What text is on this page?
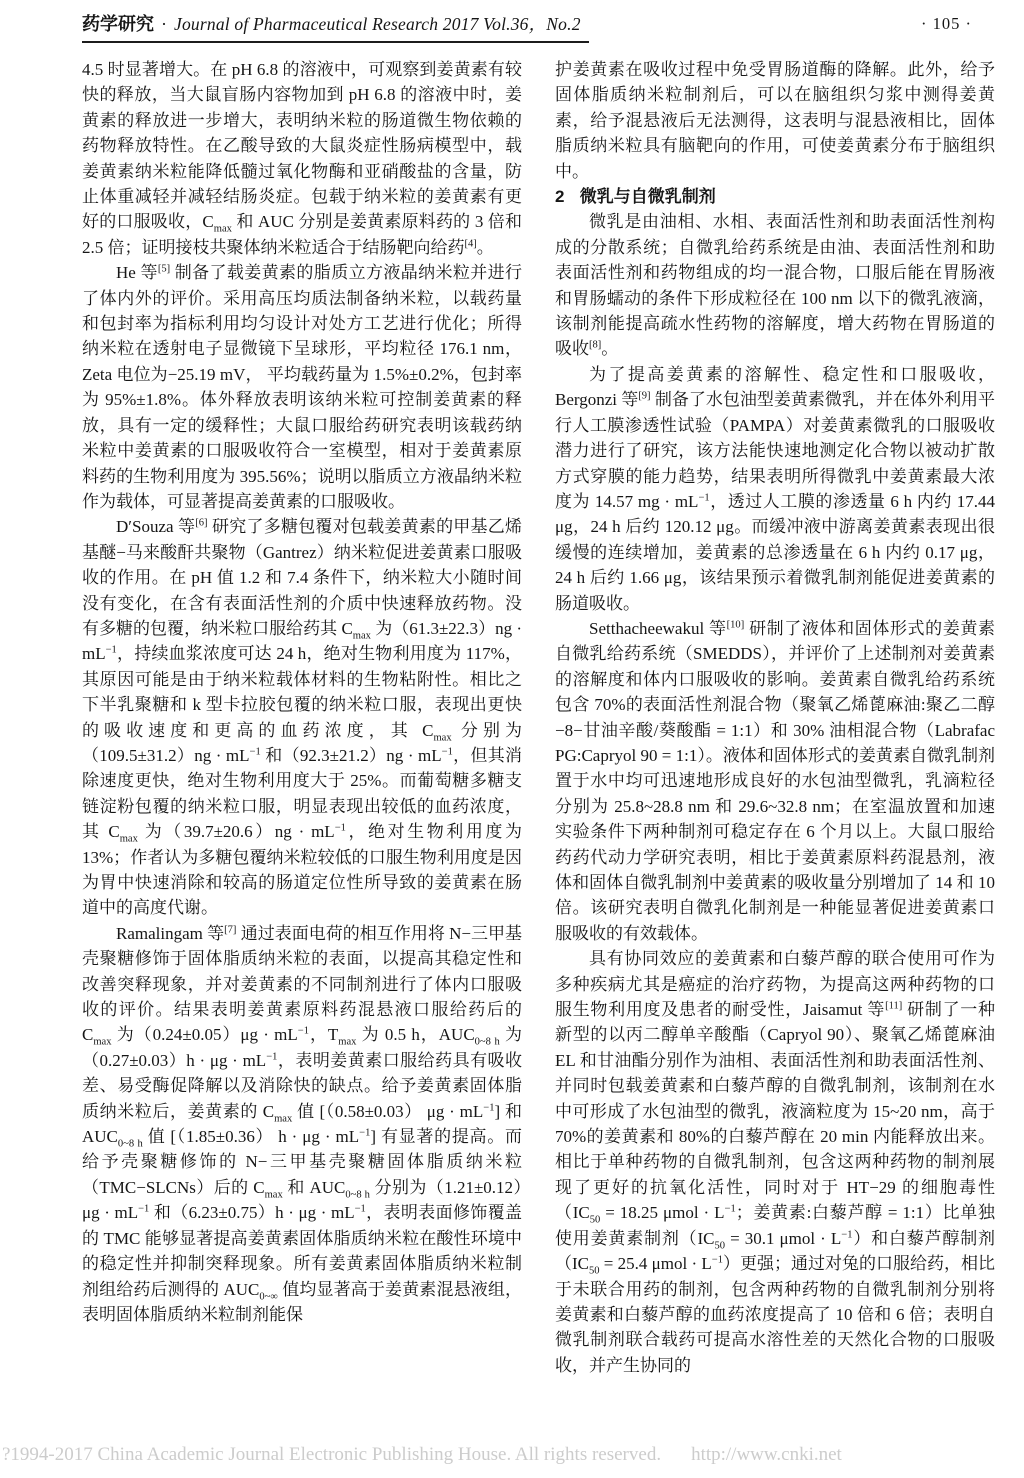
药学研究 · Journal of Pharmaceutical Research 2017 Vol.36，No.2	· 105 ·

4.5 时显著增大。在 pH 6.8 的溶液中，可观察到姜黄素有较快的释放，当大鼠盲肠内容物加到 pH 6.8 的溶液中时，姜黄素的释放进一步增大，表明纳米粒的肠道微生物依赖的药物释放特性。在乙酸导致的大鼠炎症性肠病模型中，载姜黄素纳米粒能降低髓过氧化物酶和亚硝酸盐的含量，防止体重减轻并减轻结肠炎症。包载于纳米粒的姜黄素有更好的口服吸收，$C_{max}$ 和 AUC 分别是姜黄素原料药的 3 倍和 2.5 倍；证明接枝共聚体纳米粒适合于结肠靶向给药[4]。

He 等[5] 制备了载姜黄素的脂质立方液晶纳米粒并进行了体内外的评价。采用高压均质法制备纳米粒，以载药量和包封率为指标利用均匀设计对处方工艺进行优化；所得纳米粒在透射电子显微镜下呈球形，平均粒径 176.1 nm，Zeta 电位为−25.19 mV， 平均载药量为 1.5%±0.2%，包封率为 95%±1.8%。体外释放表明该纳米粒可控制姜黄素的释放，具有一定的缓释性；大鼠口服给药研究表明该载药纳米粒中姜黄素的口服吸收符合一室模型，相对于姜黄素原料药的生物利用度为 395.56%；说明以脂质立方液晶纳米粒作为载体，可显著提高姜黄素的口服吸收。

D′Souza 等[6] 研究了多糖包覆对包载姜黄素的甲基乙烯基醚−马来酸酐共聚物（Gantrez）纳米粒促进姜黄素口服吸收的作用。在 pH 值 1.2 和 7.4 条件下，纳米粒大小随时间没有变化，在含有表面活性剂的介质中快速释放药物。没有多糖的包覆，纳米粒口服给药其 $C_{max}$ 为$(61.3\pm 22.3)ng \cdot mL^{-1}$，持续血浆浓度可达 24 h，绝对生物利用度为 117%，其原因可能是由于纳米粒载体材料的生物粘附性。相比之下半乳聚糖和 k 型卡拉胶包覆的纳米粒口服，表现出更快的吸收速度和更高的血药浓度，其 $C_{max}$ 分别为$(109.5\pm 31.2)ng \cdot mL^{-1}$ 和$(92.3\pm 21.2)ng \cdot mL^{-1}$，但其消除速度更快，绝对生物利用度大于 25%。而葡萄糖多糖支链淀粉包覆的纳米粒口服，明显表现出较低的血药浓度，其 $C_{max}$ 为$(39.7\pm 20.6)ng \cdot mL^{-1}$，绝对生物利用度为 13%；作者认为多糖包覆纳米粒较低的口服生物利用度是因为胃中快速消除和较高的肠道定位性所导致的姜黄素在肠道中的高度代谢。

Ramalingam 等[7] 通过表面电荷的相互作用将 N−三甲基壳聚糖修饰于固体脂质纳米粒的表面，以提高其稳定性和改善突释现象，并对姜黄素的不同制剂进行了体内口服吸收的评价。结果表明姜黄素原料药混悬液口服给药后的 $C_{max}$ 为$(0.24\pm 0.05)\mu g \cdot mL^{-1}$，$T_{max}$ 为 0.5 h，$AUC_{0\sim 8 h}$ 为$(0.27\pm 0.03)h \cdot \mu g \cdot mL^{-1}$，表明姜黄素口服给药具有吸收差、易受酶促降解以及消除快的缺点。给予姜黄素固体脂质纳米粒后，姜黄素的 $C_{max}$ 值 [（0.58±0.03） $\mu g \cdot mL^{-1}$] 和 $AUC_{0\sim 8 h}$ 值 [（1.85±0.36） $h \cdot \mu g \cdot mL^{-1}$] 有显著的提高。而给予壳聚糖修饰的 N−三甲基壳聚糖固体脂质纳米粒（TMC−SLCNs）后的 $C_{max}$ 和 $AUC_{0\sim 8 h}$ 分别为$(1.21\pm 0.12)\mu g \cdot mL^{-1}$ 和$(6.23\pm 0.75)h \cdot \mu g \cdot mL^{-1}$，表明表面修饰覆盖的 TMC 能够显著提高姜黄素固体脂质纳米粒在酸性环境中的稳定性并抑制突释现象。所有姜黄素固体脂质纳米粒制剂组给药后测得的 $AUC_{0\sim\infty}$ 值均显著高于姜黄素混悬液组，表明固体脂质纳米粒制剂能保

护姜黄素在吸收过程中免受胃肠道酶的降解。此外，给予固体脂质纳米粒制剂后，可以在脑组织匀浆中测得姜黄素，给予混悬液后无法测得，这表明与混悬液相比，固体脂质纳米粒具有脑靶向的作用，可使姜黄素分布于脑组织中。

2 微乳与自微乳制剂

微乳是由油相、水相、表面活性剂和助表面活性剂构成的分散系统；自微乳给药系统是由油、表面活性剂和助表面活性剂和药物组成的均一混合物，口服后能在胃肠液和胃肠蠕动的条件下形成粒径在 100 nm 以下的微乳液滴，该制剂能提高疏水性药物的溶解度，增大药物在胃肠道的吸收[8]。

为了提高姜黄素的溶解性、稳定性和口服吸收，Bergonzi 等[9] 制备了水包油型姜黄素微乳，并在体外利用平行人工膜渗透性试验（PAMPA）对姜黄素微乳的口服吸收潜力进行了研究，该方法能快速地测定化合物以被动扩散方式穿膜的能力趋势，结果表明所得微乳中姜黄素最大浓度为 14.57 mg · $mL^{-1}$，透过人工膜的渗透量 6 h 内约 17.44 μg，24 h 后约 120.12 μg。而缓冲液中游离姜黄素表现出很缓慢的连续增加，姜黄素的总渗透量在 6 h 内约 0.17 μg，24 h 后约 1.66 μg，该结果预示着微乳制剂能促进姜黄素的肠道吸收。

Setthacheewakul 等[10] 研制了液体和固体形式的姜黄素自微乳给药系统（SMEDDS），并评价了上述制剂对姜黄素的溶解度和体内口服吸收的影响。姜黄素自微乳给药系统包含 70%的表面活性剂混合物（聚氧乙烯蓖麻油:聚乙二醇−8−甘油辛酸/葵酸酯 = 1:1）和 30% 油相混合物（Labrafac PG:Capryol 90 = 1:1）。液体和固体形式的姜黄素自微乳制剂置于水中均可迅速地形成良好的水包油型微乳，乳滴粒径分别为 25.8~28.8 nm 和 29.6~32.8 nm；在室温放置和加速实验条件下两种制剂可稳定存在 6 个月以上。大鼠口服给药药代动力学研究表明，相比于姜黄素原料药混悬剂，液体和固体自微乳制剂中姜黄素的吸收量分别增加了 14 和 10 倍。该研究表明自微乳化制剂是一种能显著促进姜黄素口服吸收的有效载体。

具有协同效应的姜黄素和白藜芦醇的联合使用可作为多种疾病尤其是癌症的治疗药物，为提高这两种药物的口服生物利用度及患者的耐受性，Jaisamut 等[11] 研制了一种新型的以丙二醇单辛酸酯（Capryol 90）、聚氧乙烯蓖麻油 EL 和甘油酯分别作为油相、表面活性剂和助表面活性剂、并同时包载姜黄素和白藜芦醇的自微乳制剂，该制剂在水中可形成了水包油型的微乳，液滴粒度为 15~20 nm，高于 70%的姜黄素和 80%的白藜芦醇在 20 min 内能释放出来。相比于单种药物的自微乳制剂，包含这两种药物的制剂展现了更好的抗氧化活性，同时对于 HT−29 的细胞毒性（$IC_{50} = 18.25$ $\mu mol \cdot L^{-1}$；姜黄素:白藜芦醇 = 1:1）比单独使用姜黄素制剂（$IC_{50} = 30.1$ $\mu mol \cdot L^{-1}$）和白藜芦醇制剂（$IC_{50} = 25.4$ $\mu mol \cdot L^{-1}$）更强；通过对兔的口服给药，相比于未联合用药的制剂，包含两种药物的自微乳制剂分别将姜黄素和白藜芦醇的血药浓度提高了 10 倍和 6 倍；表明自微乳制剂联合载药可提高水溶性差的天然化合物的口服吸收，并产生协同的

?1994-2017 China Academic Journal Electronic Publishing House. All rights reserved. http://www.cnki.net
